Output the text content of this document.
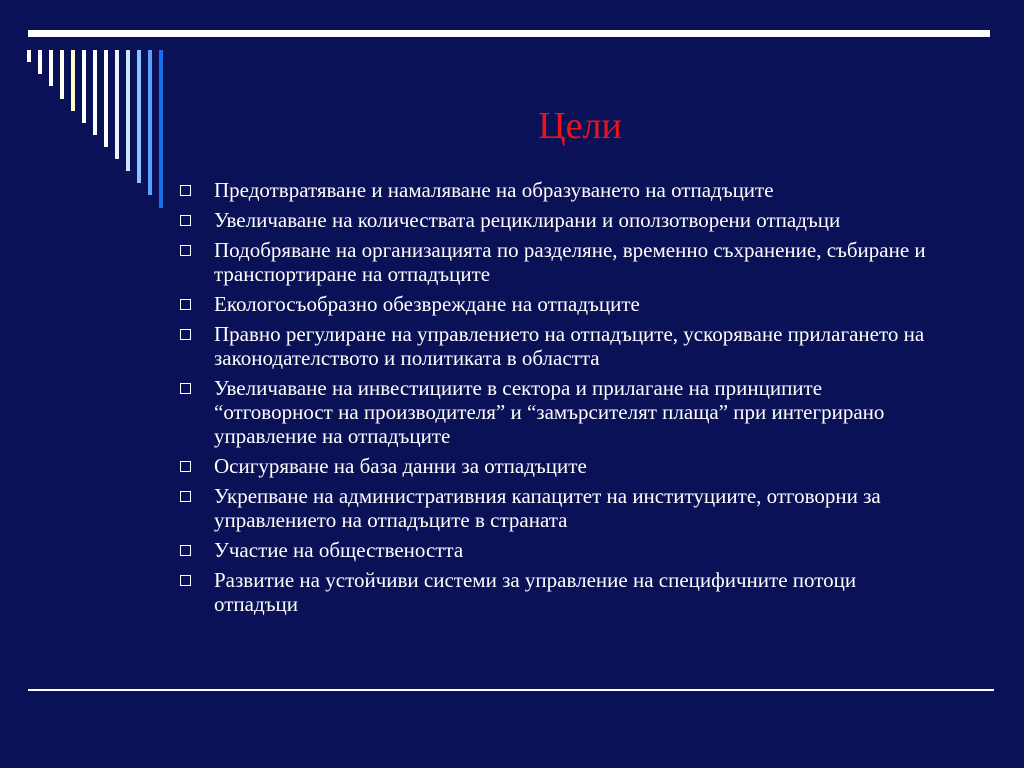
Цели
Предотвратяване и намаляване на образуването на отпадъците
Увеличаване на количествата рециклирани и оползотворени отпадъци
Подобряване на организацията по разделяне, временно съхранение, събиране и транспортиране на отпадъците
Екологосъобразно обезвреждане на отпадъците
Правно регулиране на управлението на отпадъците, ускоряване прилагането на законодателството и политиката в областта
Увеличаване на инвестициите в сектора и прилагане на принципите “отговорност на производителя” и “замърсителят плаща” при интегрирано управление на отпадъците
Осигуряване на база данни за отпадъците
Укрепване на административния капацитет на институциите, отговорни за управлението на отпадъците в страната
Участие на обществеността
Развитие на устойчиви системи за управление на специфичните потоци отпадъци
